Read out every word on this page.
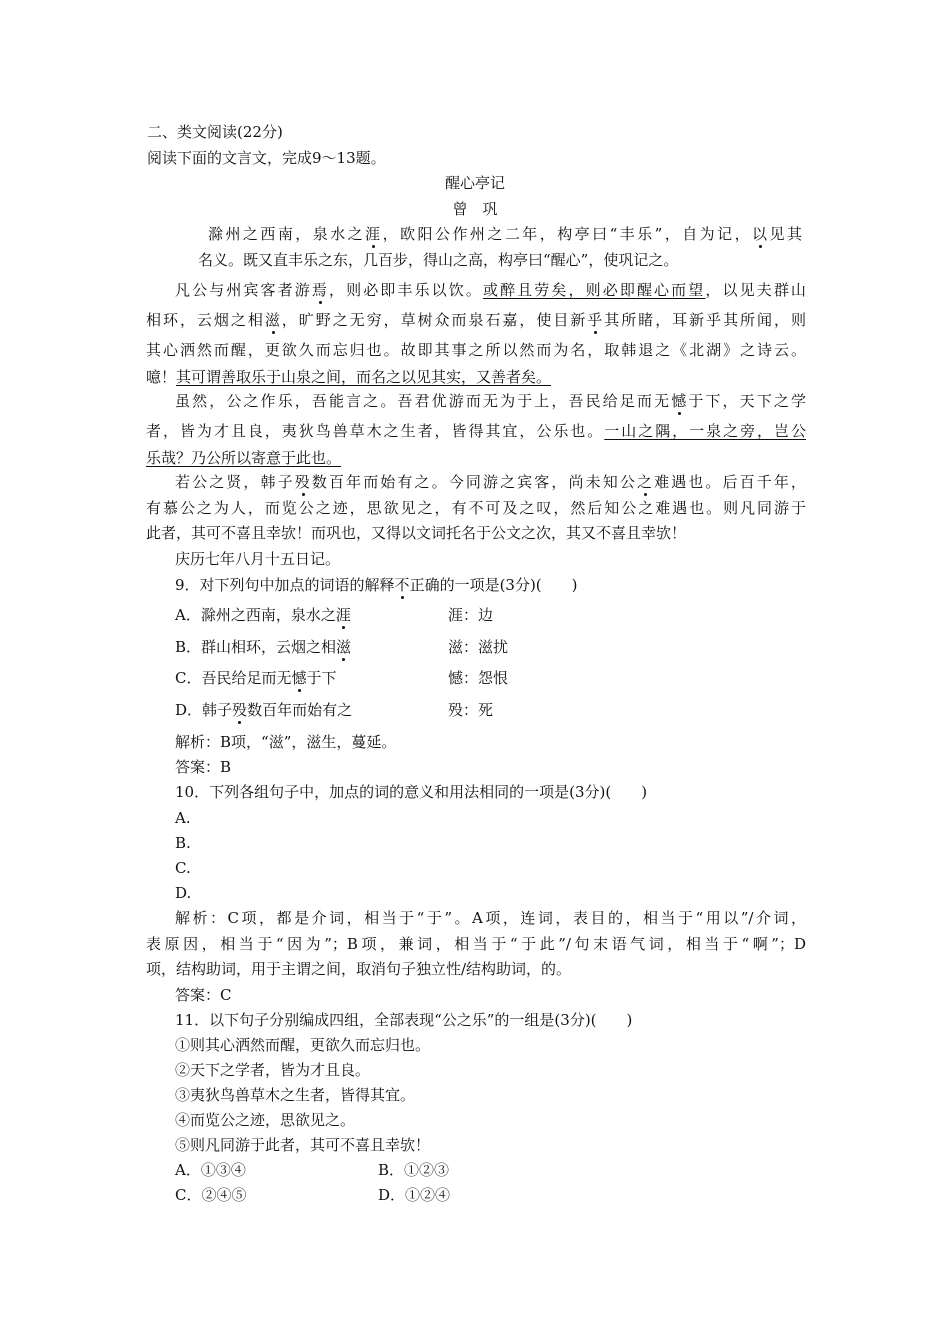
二、类文阅读(22分)
阅读下面的文言文，完成9～13题。
醒心亭记
曾　巩
滁州之西南，泉水之涯，欧阳公作州之二年，构亭曰“丰乐”，自为记，以见其
名义。既又直丰乐之东，几百步，得山之高，构亭曰“醒心”，使巩记之。
凡公与州宾客者游焉，则必即丰乐以饮。或醉且劳矣，则必即醒心而望，以见夫群山
相环，云烟之相滋，旷野之无穷，草树众而泉石嘉，使目新乎其所睹，耳新乎其所闻，则
其心洒然而醒，更欲久而忘归也。故即其事之所以然而为名，取韩退之《北湖》之诗云。
噫！其可谓善取乐于山泉之间，而名之以见其实，又善者矣。
虽然，公之作乐，吾能言之。吾君优游而无为于上，吾民给足而无憾于下，天下之学
者，皆为才且良，夷狄鸟兽草木之生者，皆得其宜，公乐也。一山之隅，一泉之旁，岂公
乐哉？乃公所以寄意于此也。
若公之贤，韩子殁数百年而始有之。今同游之宾客，尚未知公之难遇也。后百千年，
有慕公之为人，而览公之迹，思欲见之，有不可及之叹，然后知公之难遇也。则凡同游于
此者，其可不喜且幸欤！而巩也，又得以文词托名于公文之次，其又不喜且幸欤！
庆历七年八月十五日记。
9．对下列句中加点的词语的解释不正确的一项是(3分)(　　)
A．滁州之西南，泉水之涯	涯：边
B．群山相环，云烟之相滋	滋：滋扰
C．吾民给足而无憾于下	憾：怨恨
D．韩子殁数百年而始有之	殁：死
解析：B项，“滋”，滋生，蔓延。
答案：B
10．下列各组句子中，加点的词的意义和用法相同的一项是(3分)(　　)
A.
B.
C.
D.
解析：C项，都是介词，相当于“于”。A项，连词，表目的，相当于“用以”/介词，
表原因，相当于“因为”；B项，兼词，相当于“于此”/句末语气词，相当于“啊”；D
项，结构助词，用于主谓之间，取消句子独立性/结构助词，的。
答案：C
11．以下句子分别编成四组，全部表现“公之乐”的一组是(3分)(　　)
①则其心洒然而醒，更欲久而忘归也。
②天下之学者，皆为才且良。
③夷狄鸟兽草木之生者，皆得其宜。
④而览公之迹，思欲见之。
⑤则凡同游于此者，其可不喜且幸欤！
A．①③④	B．①②③
C．②④⑤	D．①②④
